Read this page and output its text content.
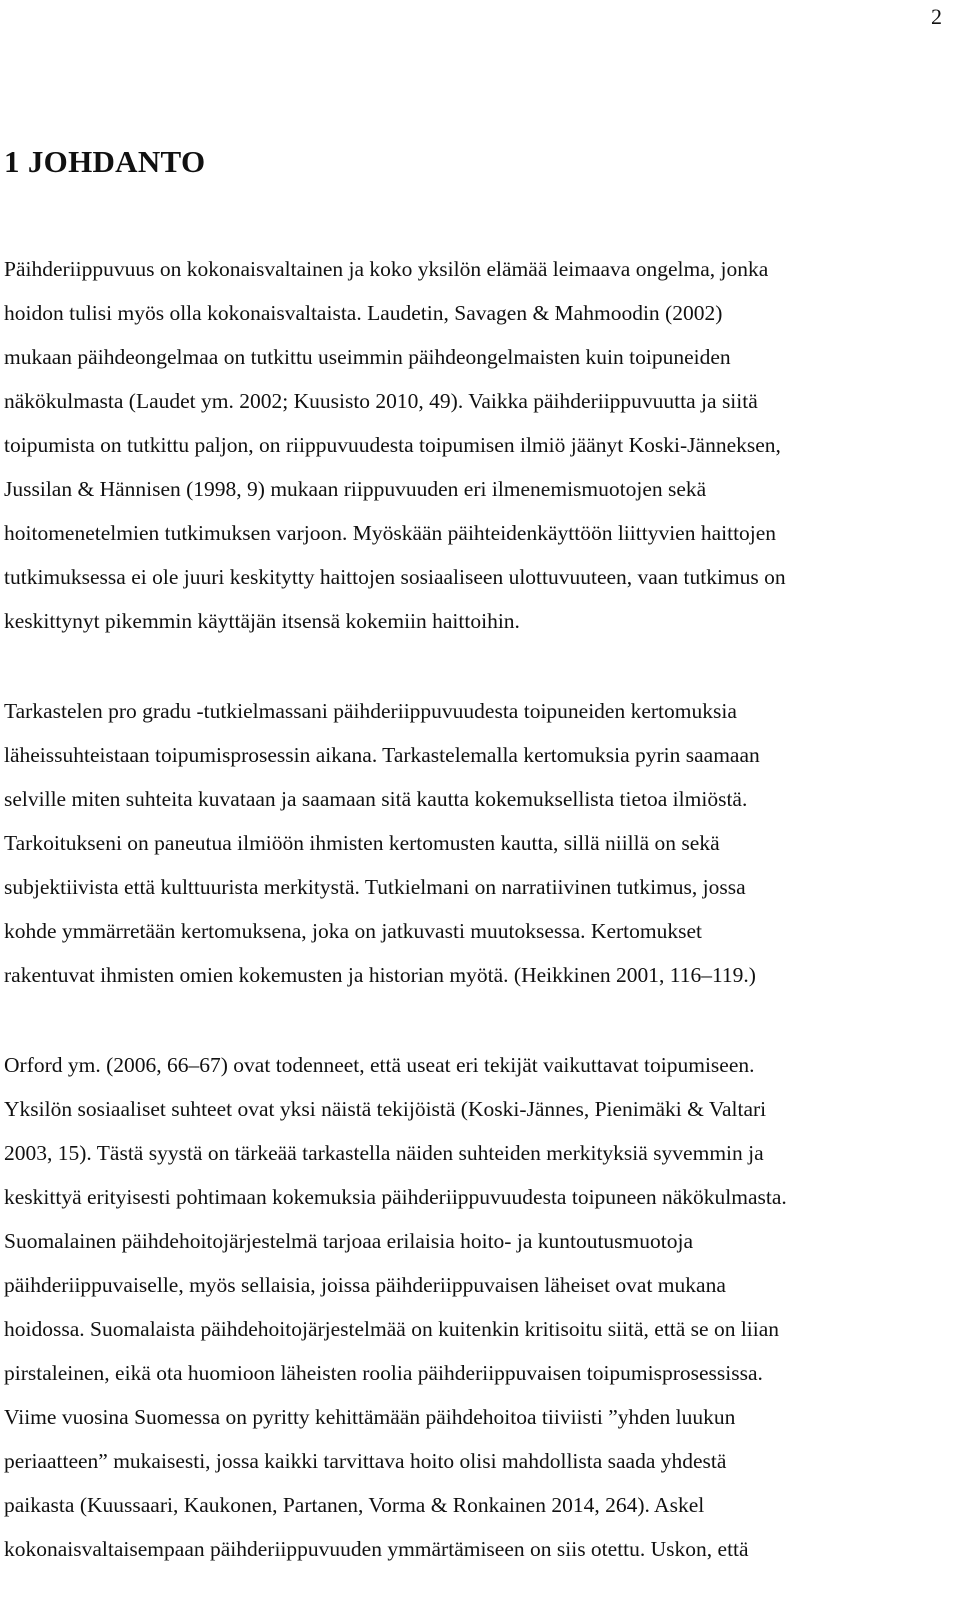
2
1 JOHDANTO
Päihderiippuvuus on kokonaisvaltainen ja koko yksilön elämää leimaava ongelma, jonka
hoidon tulisi myös olla kokonaisvaltaista. Laudetin, Savagen & Mahmoodin (2002)
mukaan päihdeongelmaa on tutkittu useimmin päihdeongelmaisten kuin toipuneiden
näkökulmasta (Laudet ym. 2002; Kuusisto 2010, 49). Vaikka päihderiippuvuutta ja siitä
toipumista on tutkittu paljon, on riippuvuudesta toipumisen ilmiö jäänyt Koski-Jänneksen,
Jussilan & Hännisen (1998, 9) mukaan riippuvuuden eri ilmenemismuotojen sekä
hoitomenetelmien tutkimuksen varjoon. Myöskään päihteidenkäyttöön liittyvien haittojen
tutkimuksessa ei ole juuri keskitytty haittojen sosiaaliseen ulottuvuuteen, vaan tutkimus on
keskittynyt pikemmin käyttäjän itsensä kokemiin haittoihin.
Tarkastelen pro gradu -tutkielmassani päihderiippuvuudesta toipuneiden kertomuksia
läheissuhteistaan toipumisprosessin aikana. Tarkastelemalla kertomuksia pyrin saamaan
selville miten suhteita kuvataan ja saamaan sitä kautta kokemuksellista tietoa ilmiöstä.
Tarkoitukseni on paneutua ilmiöön ihmisten kertomusten kautta, sillä niillä on sekä
subjektiivista että kulttuurista merkitystä. Tutkielmani on narratiivinen tutkimus, jossa
kohde ymmärretään kertomuksena, joka on jatkuvasti muutoksessa. Kertomukset
rakentuvat ihmisten omien kokemusten ja historian myötä. (Heikkinen 2001, 116–119.)
Orford ym. (2006, 66–67) ovat todenneet, että useat eri tekijät vaikuttavat toipumiseen.
Yksilön sosiaaliset suhteet ovat yksi näistä tekijöistä (Koski-Jännes, Pienimäki & Valtari
2003, 15). Tästä syystä on tärkeää tarkastella näiden suhteiden merkityksiä syvemmin ja
keskittyä erityisesti pohtimaan kokemuksia päihderiippuvuudesta toipuneen näkökulmasta.
Suomalainen päihdehoitojärjestelmä tarjoaa erilaisia hoito- ja kuntoutusmuotoja
päihderiippuvaiselle, myös sellaisia, joissa päihderiippuvaisen läheiset ovat mukana
hoidossa. Suomalaista päihdehoitojärjestelmää on kuitenkin kritisoitu siitä, että se on liian
pirstaleinen, eikä ota huomioon läheisten roolia päihderiippuvaisen toipumisprosessissa.
Viime vuosina Suomessa on pyritty kehittämään päihdehoitoa tiiviisti ”yhden luukun
periaatteen” mukaisesti, jossa kaikki tarvittava hoito olisi mahdollista saada yhdestä
paikasta (Kuussaari, Kaukonen, Partanen, Vorma & Ronkainen 2014, 264). Askel
kokonaisvaltaisempaan päihderiippuvuuden ymmärtämiseen on siis otettu. Uskon, että
